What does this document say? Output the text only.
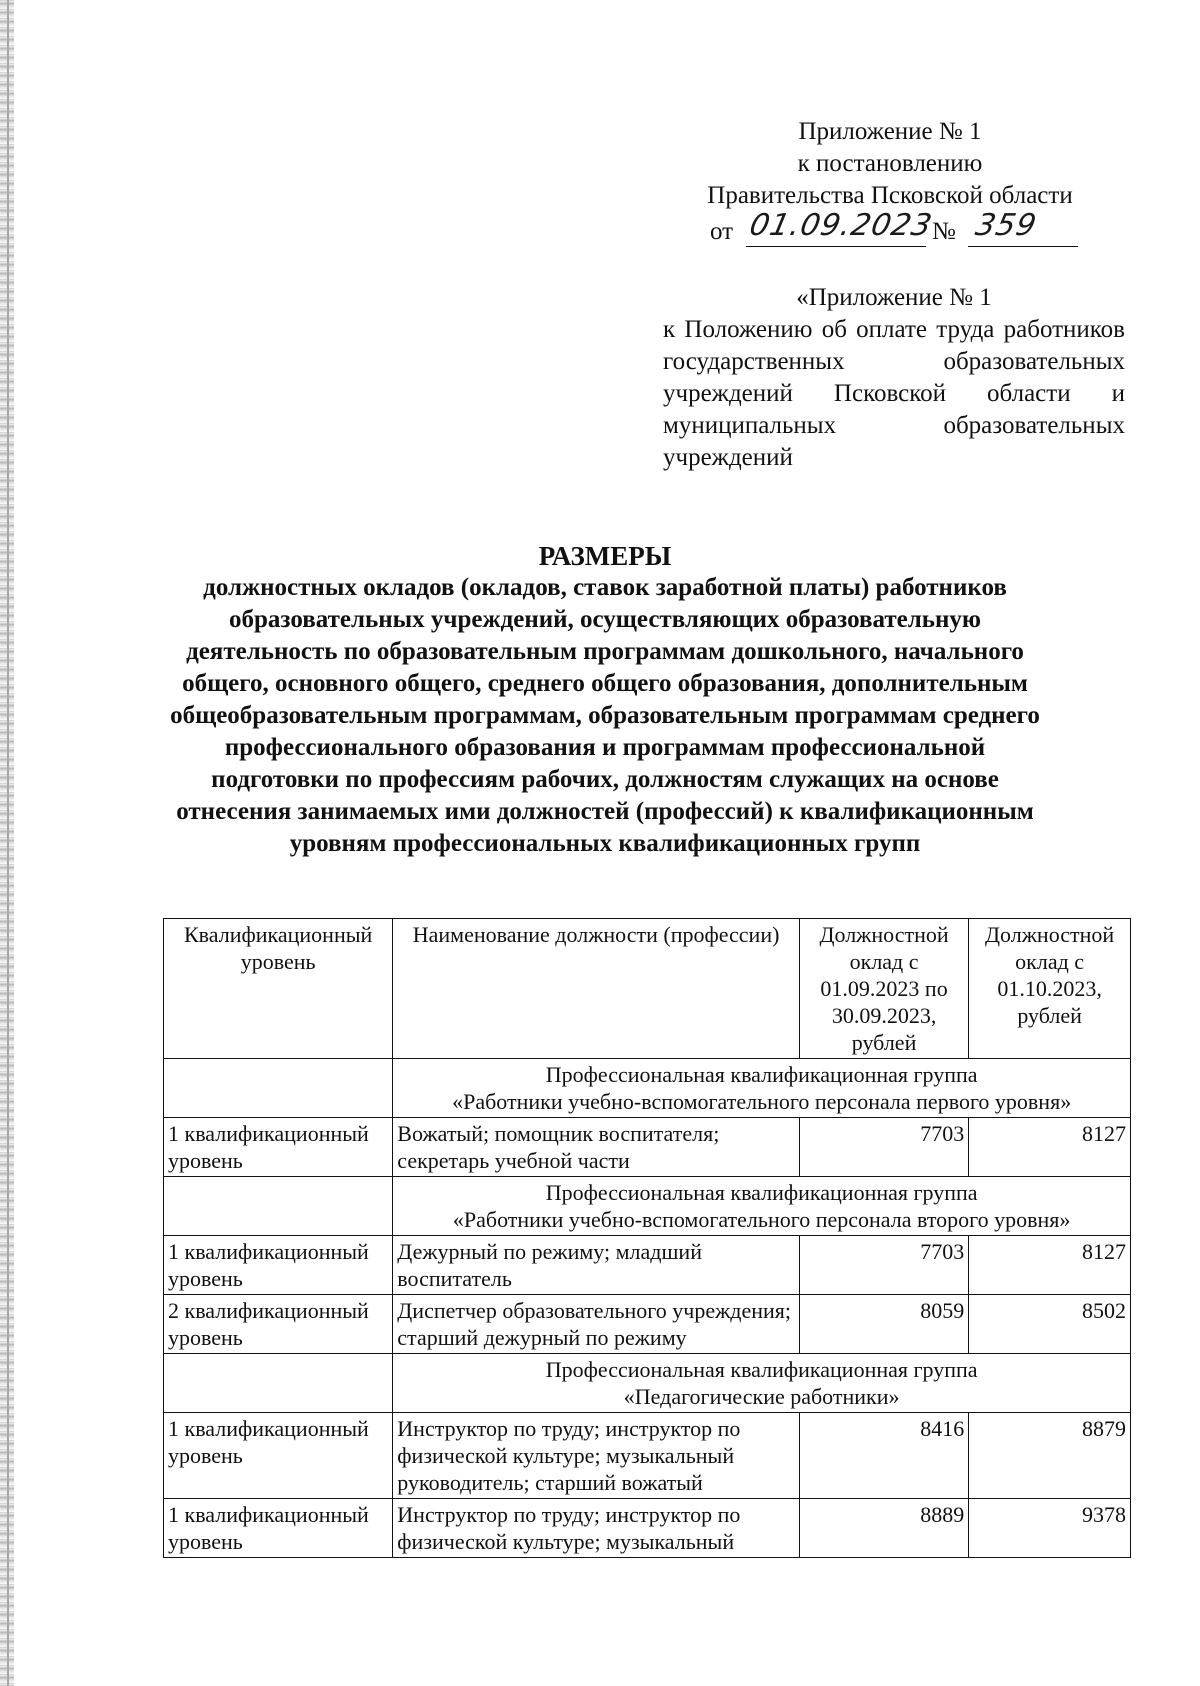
Приложение № 1
к постановлению
Правительства Псковской области
от 01.09.2023
№ 359
«Приложение № 1
к Положению об оплате труда работников государственных образовательных учреждений Псковской области и муниципальных образовательных учреждений
РАЗМЕРЫ
должностных окладов (окладов, ставок заработной платы) работников образовательных учреждений, осуществляющих образовательную деятельность по образовательным программам дошкольного, начального общего, основного общего, среднего общего образования, дополнительным общеобразовательным программам, образовательным программам среднего профессионального образования и программам профессиональной подготовки по профессиям рабочих, должностям служащих на основе отнесения занимаемых ими должностей (профессий) к квалификационным уровням профессиональных квалификационных групп
Квалификационный уровень	Наименование должности (профессии)	Должностной оклад с 01.09.2023 по 30.09.2023, рублей	Должностной оклад с 01.10.2023, рублей

	Профессиональная квалификационная группа
«Работники учебно-вспомогательного персонала первого уровня»		

1 квалификационный уровень	Вожатый; помощник воспитателя; секретарь учебной части	7703	8127

	Профессиональная квалификационная группа
«Работники учебно-вспомогательного персонала второго уровня»		

1 квалификационный уровень	Дежурный по режиму; младший воспитатель	7703	8127
2 квалификационный уровень	Диспетчер образовательного учреждения; старший дежурный по режиму	8059	8502

	Профессиональная квалификационная группа
«Педагогические работники»		

1 квалификационный уровень	Инструктор по труду; инструктор по физической культуре; музыкальный руководитель; старший вожатый	8416	8879
1 квалификационный уровень	Инструктор по труду; инструктор по физической культуре; музыкальный	8889	9378
